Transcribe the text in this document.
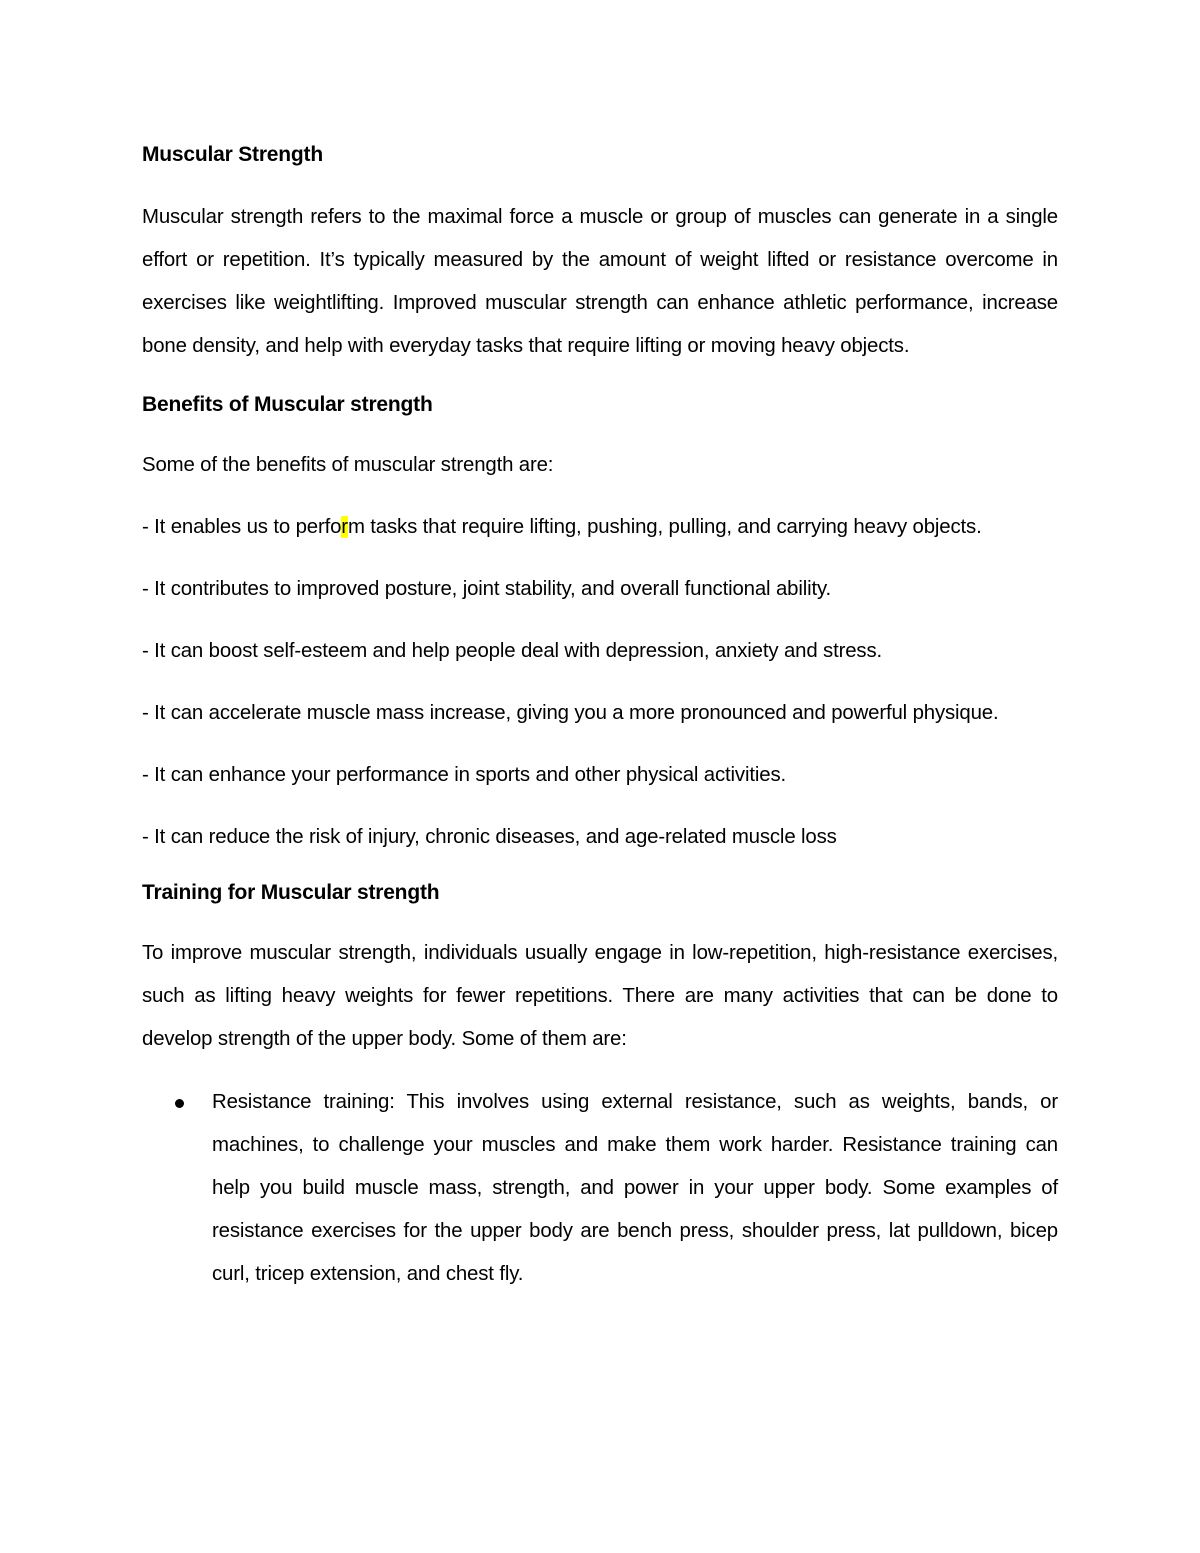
Muscular Strength

Muscular strength refers to the maximal force a muscle or group of muscles can generate in a single effort or repetition. It’s typically measured by the amount of weight lifted or resistance overcome in exercises like weightlifting. Improved muscular strength can enhance athletic performance, increase bone density, and help with everyday tasks that require lifting or moving heavy objects.

Benefits of Muscular strength

Some of the benefits of muscular strength are:

- It enables us to perform tasks that require lifting, pushing, pulling, and carrying heavy objects.

- It contributes to improved posture, joint stability, and overall functional ability.

- It can boost self-esteem and help people deal with depression, anxiety and stress.

- It can accelerate muscle mass increase, giving you a more pronounced and powerful physique.

- It can enhance your performance in sports and other physical activities.

- It can reduce the risk of injury, chronic diseases, and age-related muscle loss

Training for Muscular strength

To improve muscular strength, individuals usually engage in low-repetition, high-resistance exercises, such as lifting heavy weights for fewer repetitions. There are many activities that can be done to develop strength of the upper body. Some of them are:

Resistance training: This involves using external resistance, such as weights, bands, or machines, to challenge your muscles and make them work harder. Resistance training can help you build muscle mass, strength, and power in your upper body. Some examples of resistance exercises for the upper body are bench press, shoulder press, lat pulldown, bicep curl, tricep extension, and chest fly.
